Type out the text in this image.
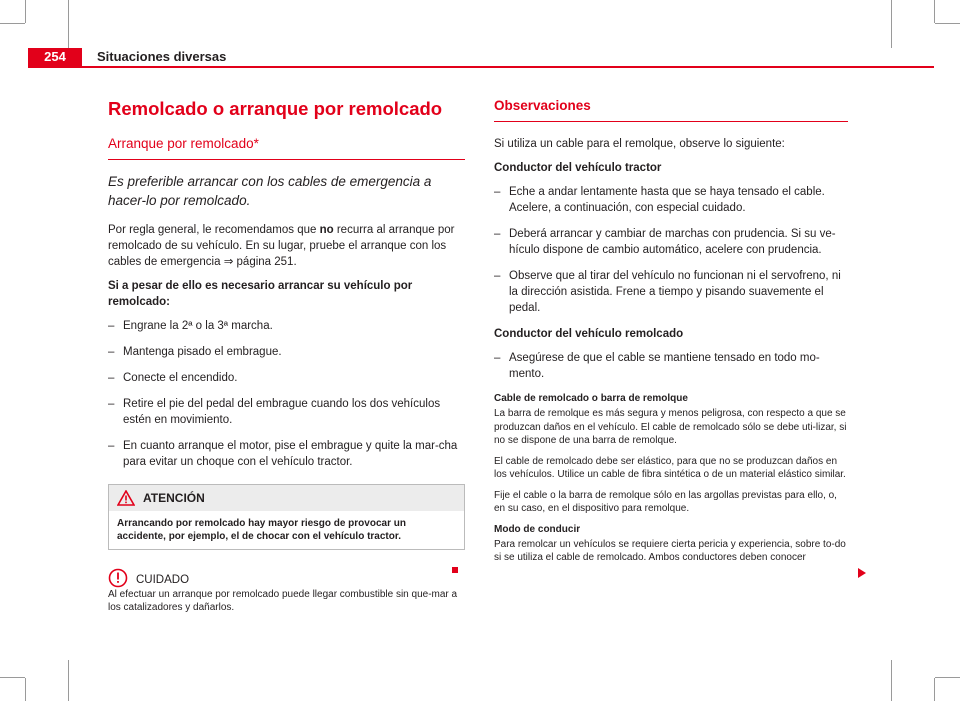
254	Situaciones diversas
Remolcado o arranque por remolcado
Arranque por remolcado*
Es preferible arrancar con los cables de emergencia a hacer-lo por remolcado.

Por regla general, le recomendamos que no recurra al arranque por remolcado de su vehículo. En su lugar, pruebe el arranque con los cables de emergencia ⇒ página 251.

Si a pesar de ello es necesario arrancar su vehículo por remolcado:

– Engrane la 2ª o la 3ª marcha.
– Mantenga pisado el embrague.
– Conecte el encendido.
– Retire el pie del pedal del embrague cuando los dos vehículos estén en movimiento.
– En cuanto arranque el motor, pise el embrague y quite la mar-cha para evitar un choque con el vehículo tractor.
ATENCIÓN
Arrancando por remolcado hay mayor riesgo de provocar un accidente, por ejemplo, el de chocar con el vehículo tractor.
CUIDADO
Al efectuar un arranque por remolcado puede llegar combustible sin que-mar a los catalizadores y dañarlos.
Observaciones

Si utiliza un cable para el remolque, observe lo siguiente:

Conductor del vehículo tractor

– Eche a andar lentamente hasta que se haya tensado el cable. Acelere, a continuación, con especial cuidado.
– Deberá arrancar y cambiar de marchas con prudencia. Si su ve-hículo dispone de cambio automático, acelere con prudencia.
– Observe que al tirar del vehículo no funcionan ni el servofreno, ni la dirección asistida. Frene a tiempo y pisando suavemente el pedal.

Conductor del vehículo remolcado

– Asegúrese de que el cable se mantiene tensado en todo mo-mento.
Cable de remolcado o barra de remolque

La barra de remolque es más segura y menos peligrosa, con respecto a que se produzcan daños en el vehículo. El cable de remolcado sólo se debe uti-lizar, si no se dispone de una barra de remolque.

El cable de remolcado debe ser elástico, para que no se produzcan daños en los vehículos. Utilice un cable de fibra sintética o de un material elástico similar.

Fije el cable o la barra de remolque sólo en las argollas previstas para ello, o, en su caso, en el dispositivo para remolque.

Modo de conducir

Para remolcar un vehículos se requiere cierta pericia y experiencia, sobre to-do si se utiliza el cable de remolcado. Ambos conductores deben conocer
